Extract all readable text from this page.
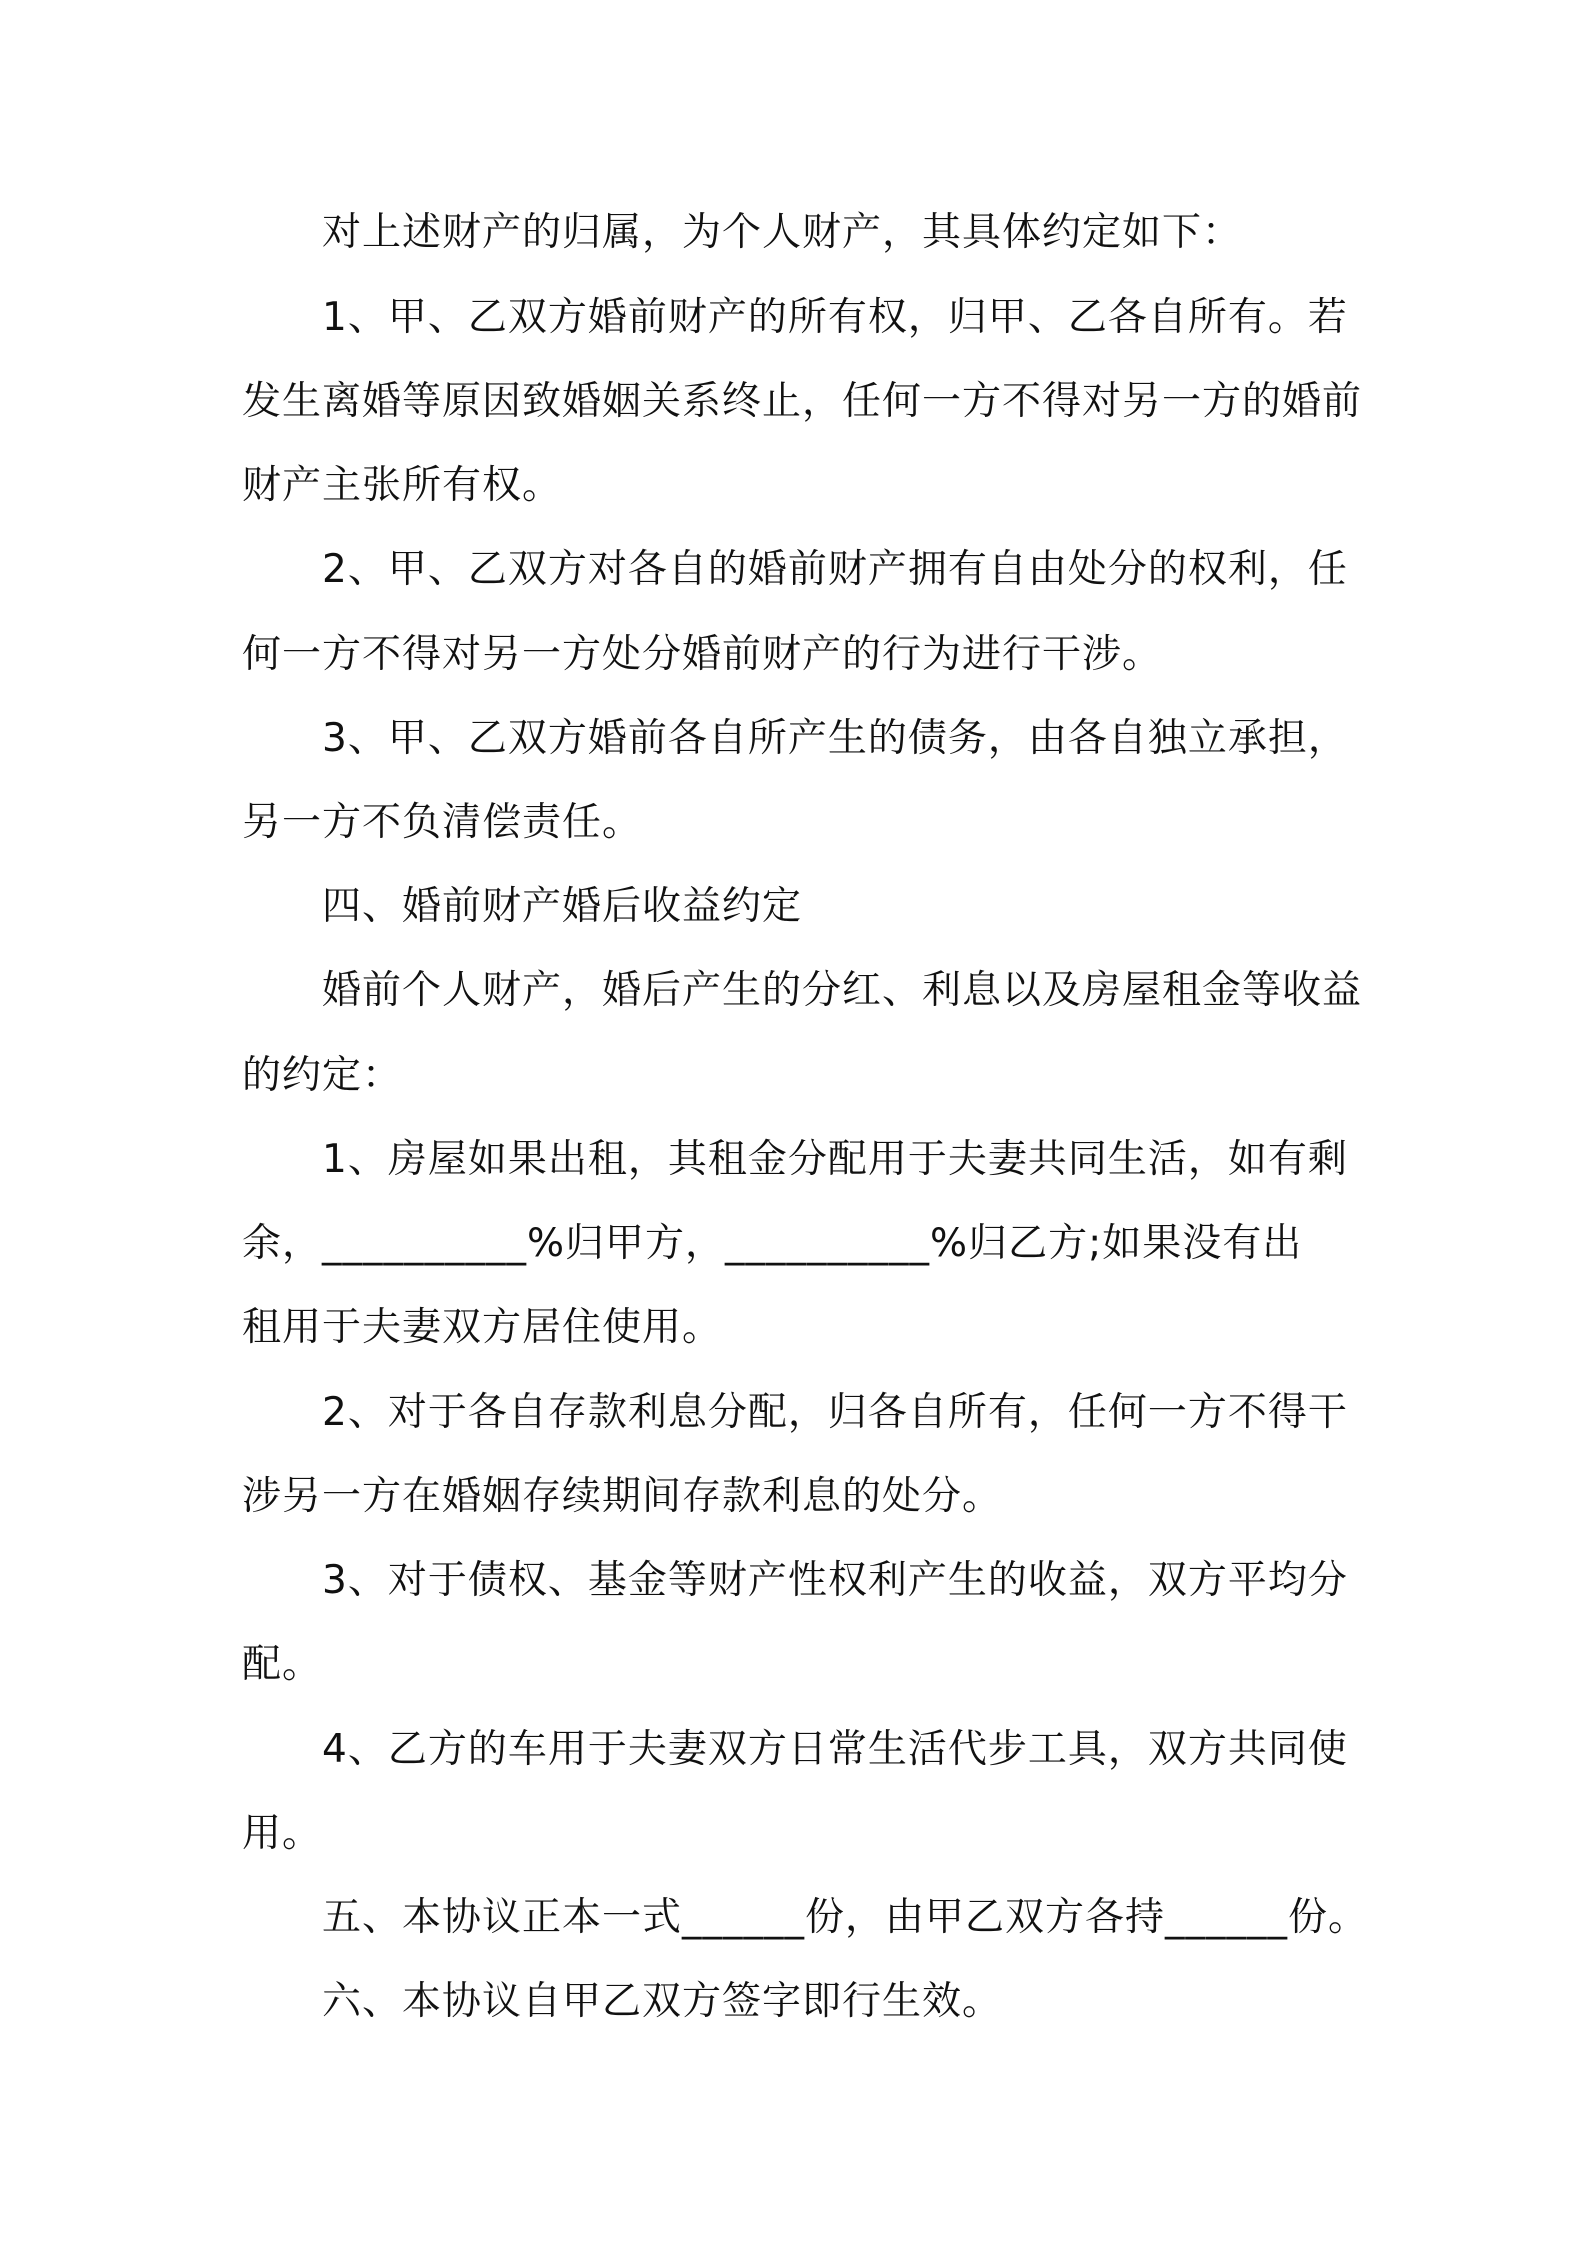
对上述财产的归属，为个人财产，其具体约定如下：
1、甲、乙双方婚前财产的所有权，归甲、乙各自所有。若
发生离婚等原因致婚姻关系终止，任何一方不得对另一方的婚前
财产主张所有权。
2、甲、乙双方对各自的婚前财产拥有自由处分的权利，任
何一方不得对另一方处分婚前财产的行为进行干涉。
3、甲、乙双方婚前各自所产生的债务，由各自独立承担，
另一方不负清偿责任。
四、婚前财产婚后收益约定
婚前个人财产，婚后产生的分红、利息以及房屋租金等收益
的约定：
1、房屋如果出租，其租金分配用于夫妻共同生活，如有剩
余，__________%归甲方，__________%归乙方;如果没有出
租用于夫妻双方居住使用。
2、对于各自存款利息分配，归各自所有，任何一方不得干
涉另一方在婚姻存续期间存款利息的处分。
3、对于债权、基金等财产性权利产生的收益，双方平均分
配。
4、乙方的车用于夫妻双方日常生活代步工具，双方共同使
用。
五、本协议正本一式______份，由甲乙双方各持______份。
六、本协议自甲乙双方签字即行生效。
